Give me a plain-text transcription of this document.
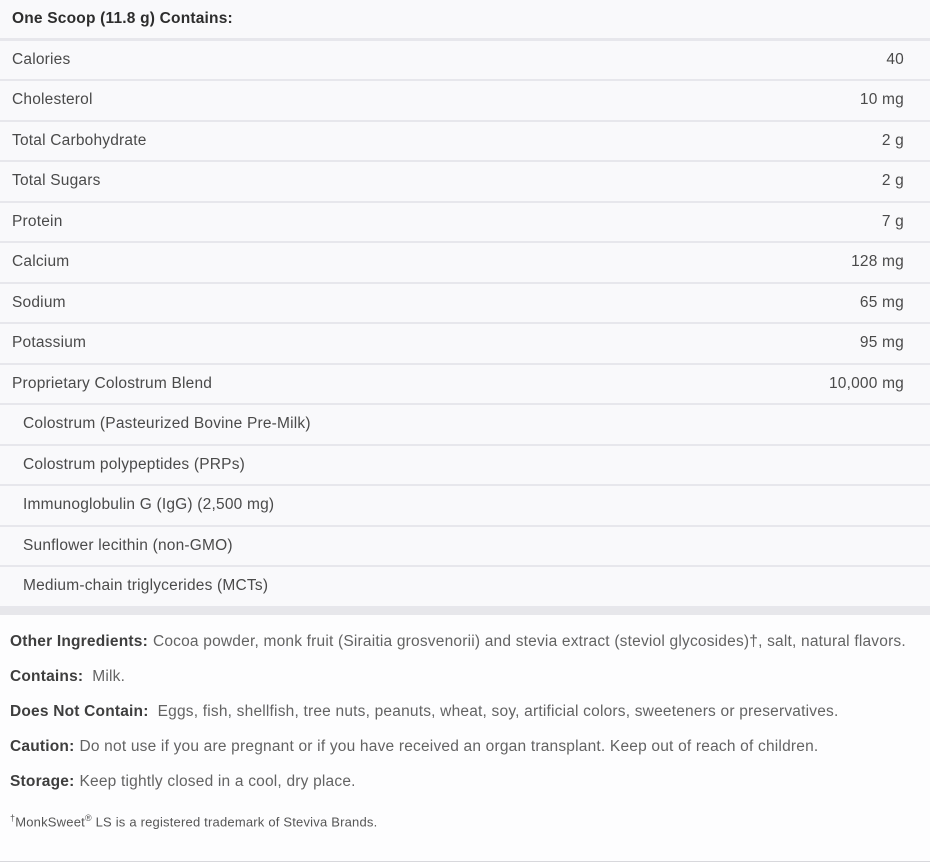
One Scoop (11.8 g) Contains:
Calories	40
Cholesterol	10 mg
Total Carbohydrate	2 g
Total Sugars	2 g
Protein	7 g
Calcium	128 mg
Sodium	65 mg
Potassium	95 mg
Proprietary Colostrum Blend	10,000 mg
Colostrum (Pasteurized Bovine Pre-Milk)
Colostrum polypeptides (PRPs)
Immunoglobulin G (IgG) (2,500 mg)
Sunflower lecithin (non-GMO)
Medium-chain triglycerides (MCTs)
Other Ingredients: Cocoa powder, monk fruit (Siraitia grosvenorii) and stevia extract (steviol glycosides)†, salt, natural flavors.
Contains: Milk.
Does Not Contain: Eggs, fish, shellfish, tree nuts, peanuts, wheat, soy, artificial colors, sweeteners or preservatives.
Caution: Do not use if you are pregnant or if you have received an organ transplant. Keep out of reach of children.
Storage: Keep tightly closed in a cool, dry place.
†MonkSweet® LS is a registered trademark of Steviva Brands.
